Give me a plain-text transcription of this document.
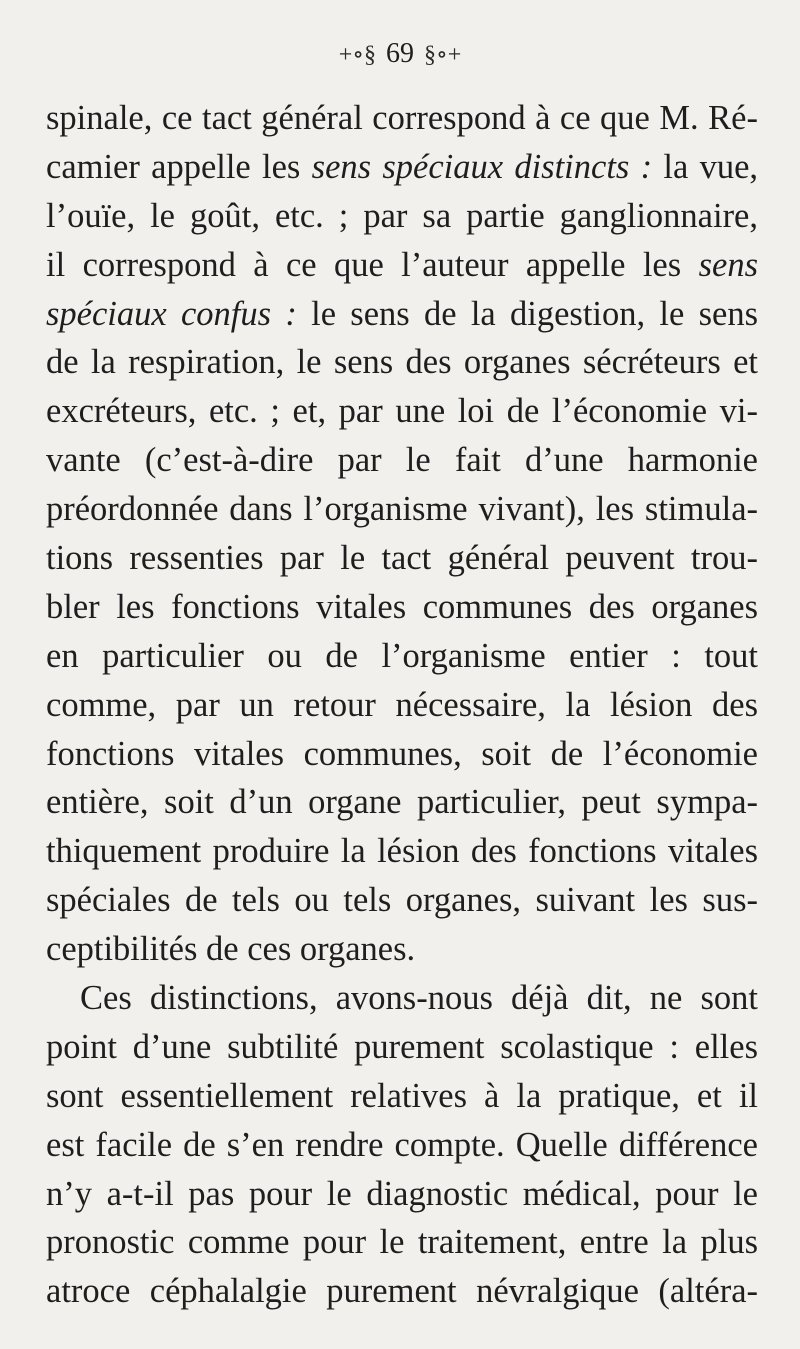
+∘§ 69 §∘+
spinale, ce tact général correspond à ce que M. Ré-
camier appelle les sens spéciaux distincts : la vue,
l’ouïe, le goût, etc. ; par sa partie ganglionnaire,
il correspond à ce que l’auteur appelle les sens
spéciaux confus : le sens de la digestion, le sens
de la respiration, le sens des organes sécréteurs et
excréteurs, etc. ; et, par une loi de l’économie vi-
vante (c’est-à-dire par le fait d’une harmonie
préordonnée dans l’organisme vivant), les stimula-
tions ressenties par le tact général peuvent trou-
bler les fonctions vitales communes des organes
en particulier ou de l’organisme entier : tout
comme, par un retour nécessaire, la lésion des
fonctions vitales communes, soit de l’économie
entière, soit d’un organe particulier, peut sympa-
thiquement produire la lésion des fonctions vitales
spéciales de tels ou tels organes, suivant les sus-
ceptibilités de ces organes.
Ces distinctions, avons-nous déjà dit, ne sont
point d’une subtilité purement scolastique : elles
sont essentiellement relatives à la pratique, et il
est facile de s’en rendre compte. Quelle différence
n’y a-t-il pas pour le diagnostic médical, pour le
pronostic comme pour le traitement, entre la plus
atroce céphalalgie purement névralgique (altéra-
